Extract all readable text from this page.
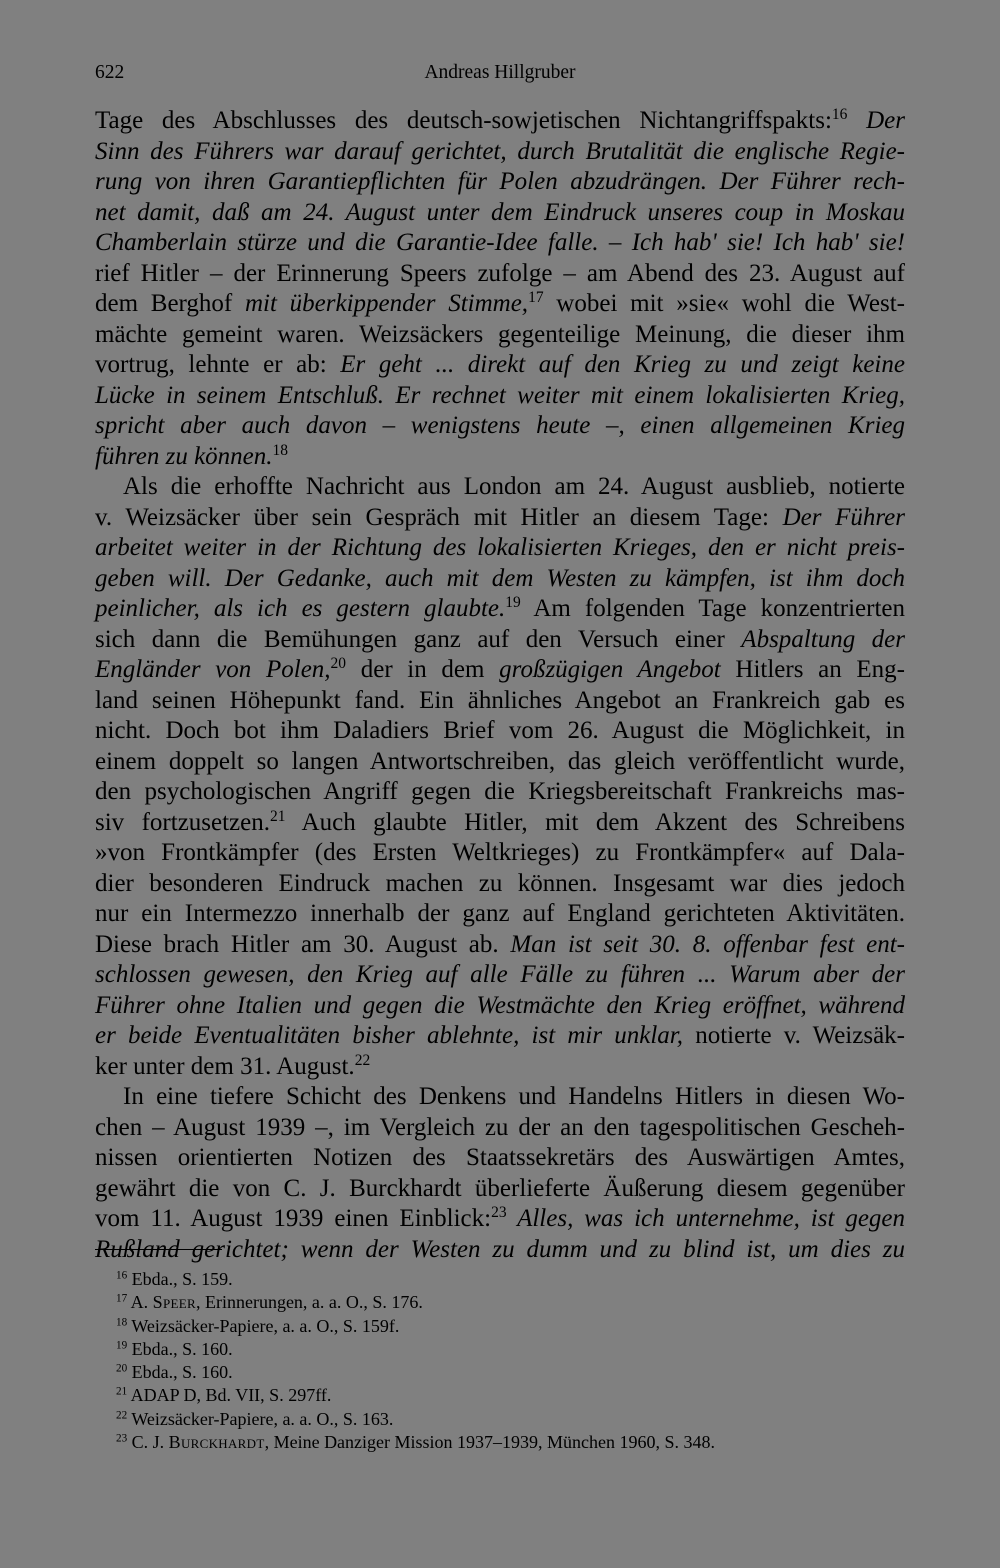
622	Andreas Hillgruber
Tage des Abschlusses des deutsch-sowjetischen Nichtangriffspakts:$^{16}$ Der
Sinn des Führers war darauf gerichtet, durch Brutalität die englische Regie-
rung von ihren Garantiepflichten für Polen abzudrängen. Der Führer rech-
net damit, daß am 24. August unter dem Eindruck unseres coup in Moskau
Chamberlain stürze und die Garantie-Idee falle. – Ich hab' sie! Ich hab' sie!
rief Hitler – der Erinnerung Speers zufolge – am Abend des 23. August auf
dem Berghof mit überkippender Stimme,$^{17}$ wobei mit »sie« wohl die West-
mächte gemeint waren. Weizsäckers gegenteilige Meinung, die dieser ihm
vortrug, lehnte er ab: Er geht ... direkt auf den Krieg zu und zeigt keine
Lücke in seinem Entschluß. Er rechnet weiter mit einem lokalisierten Krieg,
spricht aber auch davon – wenigstens heute –, einen allgemeinen Krieg
führen zu können.$^{18}$
Als die erhoffte Nachricht aus London am 24. August ausblieb, notierte
v. Weizsäcker über sein Gespräch mit Hitler an diesem Tage: Der Führer
arbeitet weiter in der Richtung des lokalisierten Krieges, den er nicht preis-
geben will. Der Gedanke, auch mit dem Westen zu kämpfen, ist ihm doch
peinlicher, als ich es gestern glaubte.$^{19}$ Am folgenden Tage konzentrierten
sich dann die Bemühungen ganz auf den Versuch einer Abspaltung der
Engländer von Polen,$^{20}$ der in dem großzügigen Angebot Hitlers an Eng-
land seinen Höhepunkt fand. Ein ähnliches Angebot an Frankreich gab es
nicht. Doch bot ihm Daladiers Brief vom 26. August die Möglichkeit, in
einem doppelt so langen Antwortschreiben, das gleich veröffentlicht wurde,
den psychologischen Angriff gegen die Kriegsbereitschaft Frankreichs mas-
siv fortzusetzen.$^{21}$ Auch glaubte Hitler, mit dem Akzent des Schreibens
»von Frontkämpfer (des Ersten Weltkrieges) zu Frontkämpfer« auf Dala-
dier besonderen Eindruck machen zu können. Insgesamt war dies jedoch
nur ein Intermezzo innerhalb der ganz auf England gerichteten Aktivitäten.
Diese brach Hitler am 30. August ab. Man ist seit 30. 8. offenbar fest ent-
schlossen gewesen, den Krieg auf alle Fälle zu führen ... Warum aber der
Führer ohne Italien und gegen die Westmächte den Krieg eröffnet, während
er beide Eventualitäten bisher ablehnte, ist mir unklar, notierte v. Weizsäk-
ker unter dem 31. August.$^{22}$
In eine tiefere Schicht des Denkens und Handelns Hitlers in diesen Wo-
chen – August 1939 –, im Vergleich zu der an den tagespolitischen Gescheh-
nissen orientierten Notizen des Staatssekretärs des Auswärtigen Amtes,
gewährt die von C. J. Burckhardt überlieferte Äußerung diesem gegenüber
vom 11. August 1939 einen Einblick:$^{23}$ Alles, was ich unternehme, ist gegen
Rußland gerichtet; wenn der Westen zu dumm und zu blind ist, um dies zu
$^{16}$ Ebda., S. 159.
$^{17}$ A. Speer, Erinnerungen, a. a. O., S. 176.
$^{18}$ Weizsäcker-Papiere, a. a. O., S. 159f.
$^{19}$ Ebda., S. 160.
$^{20}$ Ebda., S. 160.
$^{21}$ ADAP D, Bd. VII, S. 297ff.
$^{22}$ Weizsäcker-Papiere, a. a. O., S. 163.
$^{23}$ C. J. Burckhardt, Meine Danziger Mission 1937–1939, München 1960, S. 348.
